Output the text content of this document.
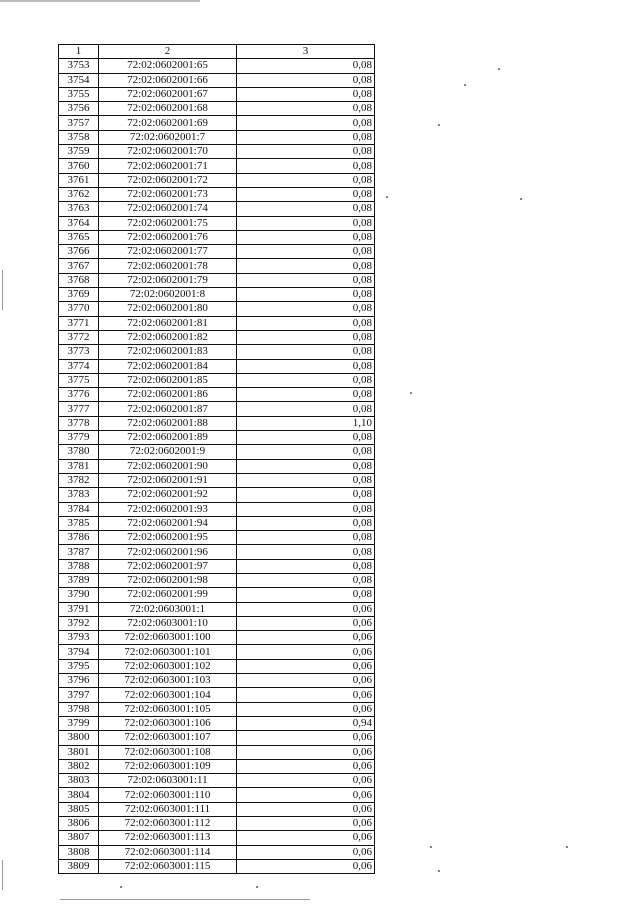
1	2	3
3753	72:02:0602001:65	0,08
3754	72:02:0602001:66	0,08
3755	72:02:0602001:67	0,08
3756	72:02:0602001:68	0,08
3757	72:02:0602001:69	0,08
3758	72:02:0602001:7	0,08
3759	72:02:0602001:70	0,08
3760	72:02:0602001:71	0,08
3761	72:02:0602001:72	0,08
3762	72:02:0602001:73	0,08
3763	72:02:0602001:74	0,08
3764	72:02:0602001:75	0,08
3765	72:02:0602001:76	0,08
3766	72:02:0602001:77	0,08
3767	72:02:0602001:78	0,08
3768	72:02:0602001:79	0,08
3769	72:02:0602001:8	0,08
3770	72:02:0602001:80	0,08
3771	72:02:0602001:81	0,08
3772	72:02:0602001:82	0,08
3773	72:02:0602001:83	0,08
3774	72:02:0602001:84	0,08
3775	72:02:0602001:85	0,08
3776	72:02:0602001:86	0,08
3777	72:02:0602001:87	0,08
3778	72:02:0602001:88	1,10
3779	72:02:0602001:89	0,08
3780	72:02:0602001:9	0,08
3781	72:02:0602001:90	0,08
3782	72:02:0602001:91	0,08
3783	72:02:0602001:92	0,08
3784	72:02:0602001:93	0,08
3785	72:02:0602001:94	0,08
3786	72:02:0602001:95	0,08
3787	72:02:0602001:96	0,08
3788	72:02:0602001:97	0,08
3789	72:02:0602001:98	0,08
3790	72:02:0602001:99	0,08
3791	72:02:0603001:1	0,06
3792	72:02:0603001:10	0,06
3793	72:02:0603001:100	0,06
3794	72:02:0603001:101	0,06
3795	72:02:0603001:102	0,06
3796	72:02:0603001:103	0,06
3797	72:02:0603001:104	0,06
3798	72:02:0603001:105	0,06
3799	72:02:0603001:106	0,94
3800	72:02:0603001:107	0,06
3801	72:02:0603001:108	0,06
3802	72:02:0603001:109	0,06
3803	72:02:0603001:11	0,06
3804	72:02:0603001:110	0,06
3805	72:02:0603001:111	0,06
3806	72:02:0603001:112	0,06
3807	72:02:0603001:113	0,06
3808	72:02:0603001:114	0,06
3809	72:02:0603001:115	0,06
